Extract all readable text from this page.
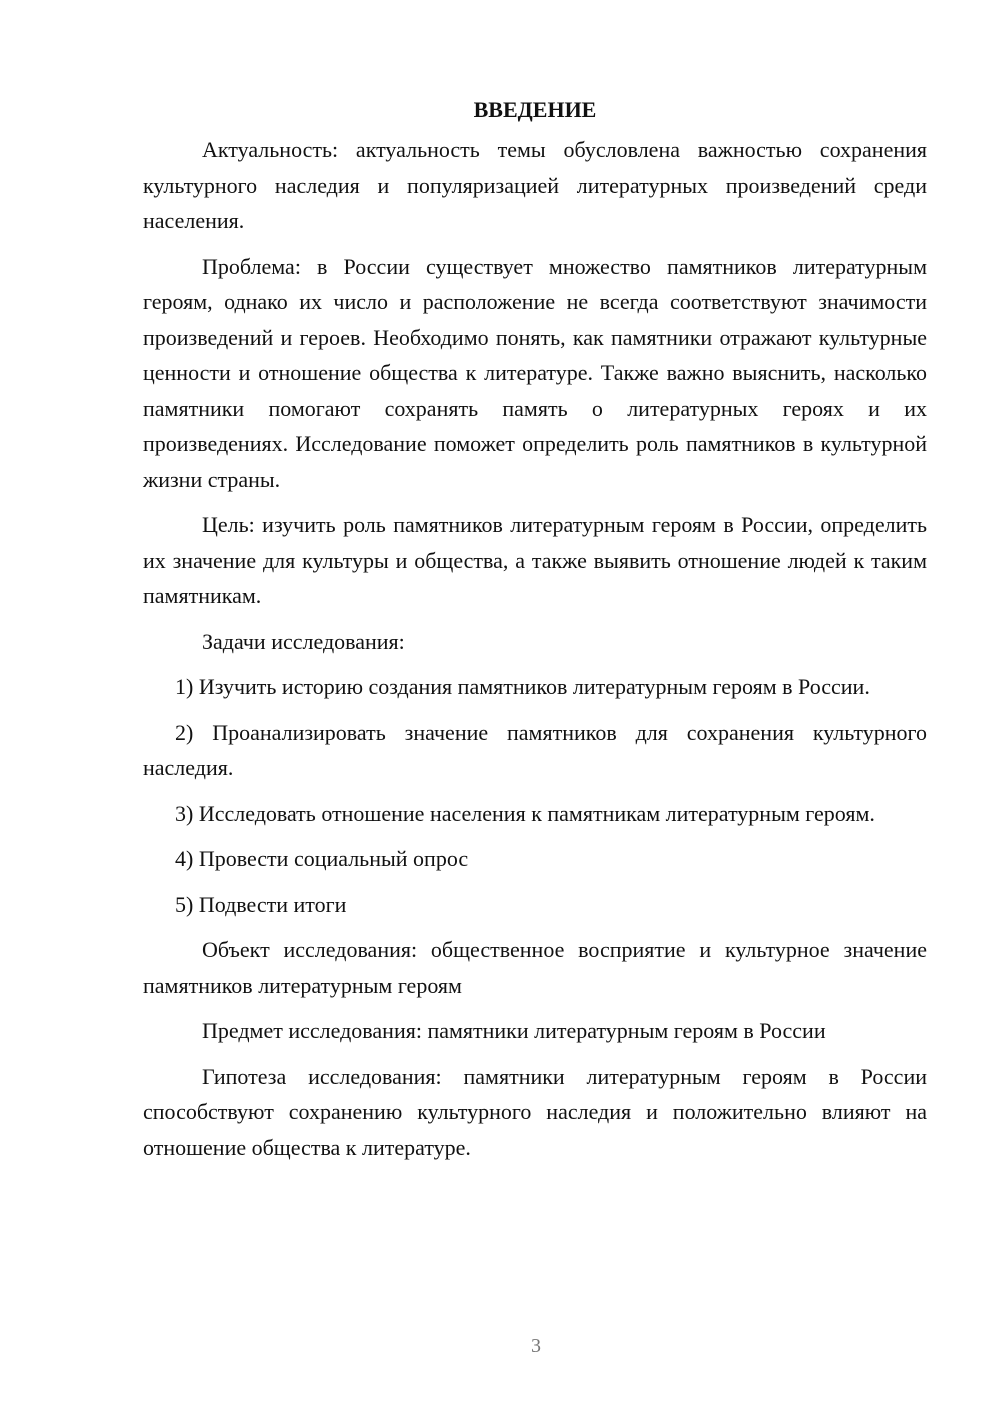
ВВЕДЕНИЕ

Актуальность: актуальность темы обусловлена важностью сохранения культурного наследия и популяризацией литературных произведений среди населения.

Проблема: в России существует множество памятников литературным героям, однако их число и расположение не всегда соответствуют значимости произведений и героев. Необходимо понять, как памятники отражают культурные ценности и отношение общества к литературе. Также важно выяснить, насколько памятники помогают сохранять память о литературных героях и их произведениях. Исследование поможет определить роль памятников в культурной жизни страны.

Цель: изучить роль памятников литературным героям в России, определить их значение для культуры и общества, а также выявить отношение людей к таким памятникам.

Задачи исследования:

1) Изучить историю создания памятников литературным героям в России.

2) Проанализировать значение памятников для сохранения культурного наследия.

3) Исследовать отношение населения к памятникам литературным героям.

4) Провести социальный опрос

5) Подвести итоги

Объект исследования: общественное восприятие и культурное значение памятников литературным героям

Предмет исследования: памятники литературным героям в России

Гипотеза исследования: памятники литературным героям в России способствуют сохранению культурного наследия и положительно влияют на отношение общества к литературе.

3
